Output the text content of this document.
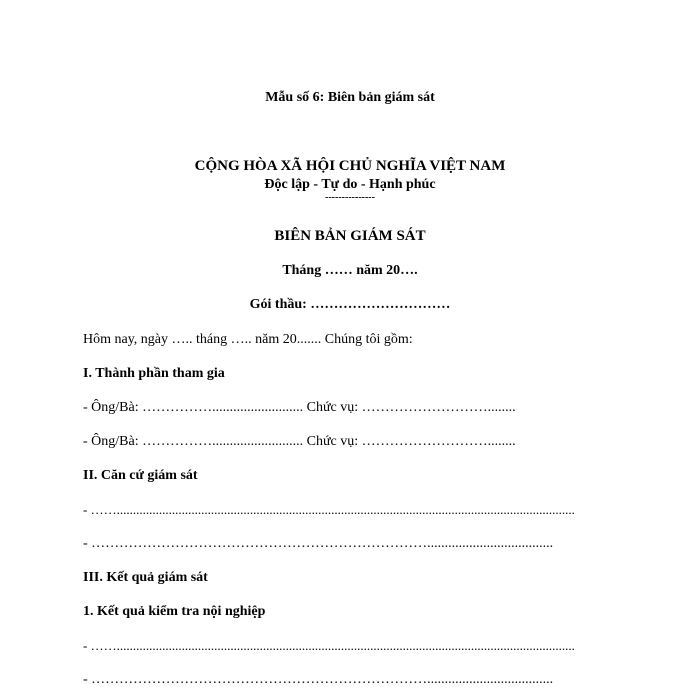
Mẫu số 6: Biên bản giám sát
CỘNG HÒA XÃ HỘI CHỦ NGHĨA VIỆT NAM
Độc lập - Tự do - Hạnh phúc
---------------
BIÊN BẢN GIÁM SÁT
Tháng …… năm 20….
Gói thầu: …………………………
Hôm nay, ngày ….. tháng ….. năm 20....... Chúng tôi gồm:
I. Thành phần tham gia
- Ông/Bà: …………….......................... Chức vụ: ………………………........
- Ông/Bà: …………….......................... Chức vụ: ………………………........
II. Căn cứ giám sát
- …….............................................................................................................................................
- ………………………………………………………………....................................
III. Kết quả giám sát
1. Kết quả kiểm tra nội nghiệp
- …….............................................................................................................................................
- ………………………………………………………………....................................
